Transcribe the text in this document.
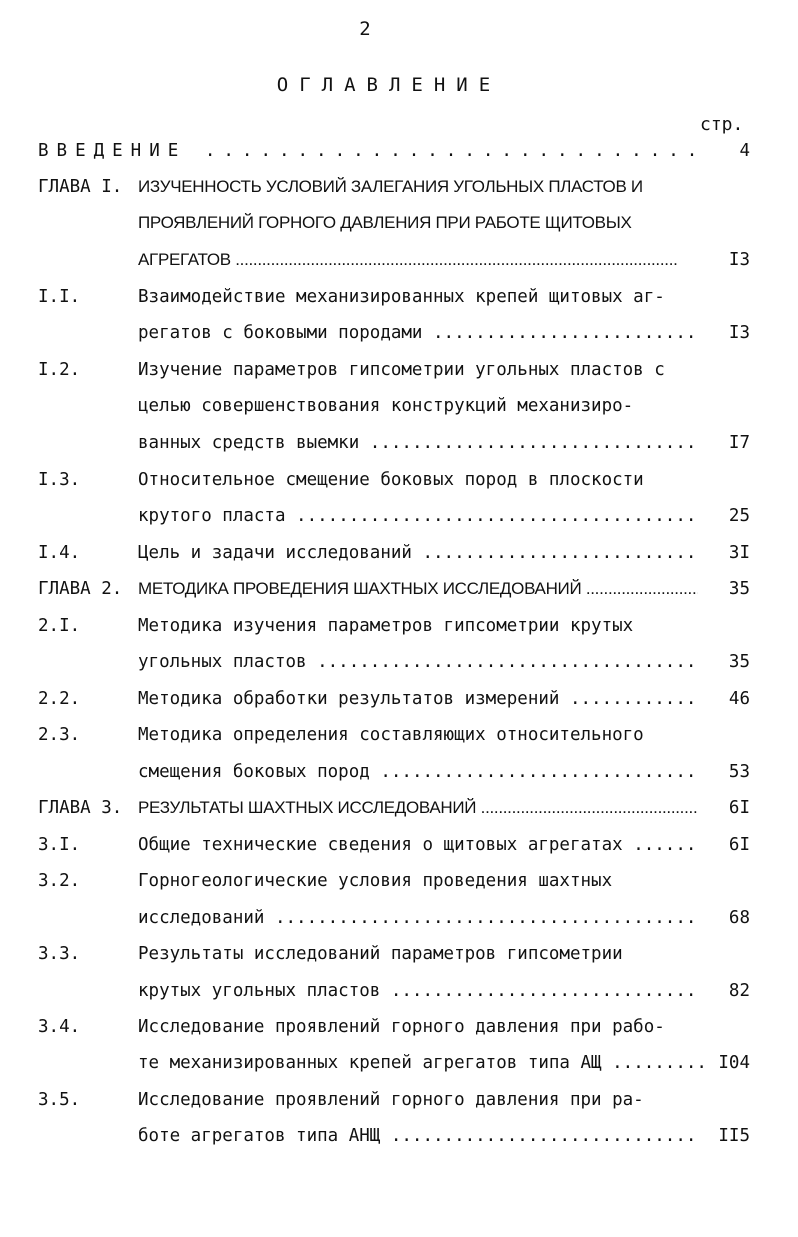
2
ОГЛАВЛЕНИЕ
стр.
ВВЕДЕНИЕ .....	4
ГЛАВА I. ИЗУЧЕННОСТЬ УСЛОВИЙ ЗАЛЕГАНИЯ УГОЛЬНЫХ ПЛАСТОВ И
ПРОЯВЛЕНИЙ ГОРНОГО ДАВЛЕНИЯ ПРИ РАБОТЕ ЩИТОВЫХ
АГРЕГАТОВ .....	I3
I.I.	Взаимодействие механизированных крепей щитовых аг-
регатов с боковыми породами .....	I3
I.2.	Изучение параметров гипсометрии угольных пластов с
целью совершенствования конструкций механизиро-
ванных средств выемки .....	I7
I.3.	Относительное смещение боковых пород в плоскости
крутого пласта .....	25
I.4.	Цель и задачи исследований .....	3I
ГЛАВА 2. МЕТОДИКА ПРОВЕДЕНИЯ ШАХТНЫХ ИССЛЕДОВАНИЙ .....	35
2.I.	Методика изучения параметров гипсометрии крутых
угольных пластов .....	35
2.2.	Методика обработки результатов измерений .....	46
2.3.	Методика определения составляющих относительного
смещения боковых пород .....	53
ГЛАВА 3. РЕЗУЛЬТАТЫ ШАХТНЫХ ИССЛЕДОВАНИЙ .....	6I
3.I.	Общие технические сведения о щитовых агрегатах .....	6I
3.2.	Горногеологические условия проведения шахтных
исследований .....	68
3.3.	Результаты исследований параметров гипсометрии
крутых угольных пластов .....	82
3.4.	Исследование проявлений горного давления при рабо-
те механизированных крепей агрегатов типа АЩ .....	I04
3.5.	Исследование проявлений горного давления при ра-
боте агрегатов типа АНЩ .....	II5
